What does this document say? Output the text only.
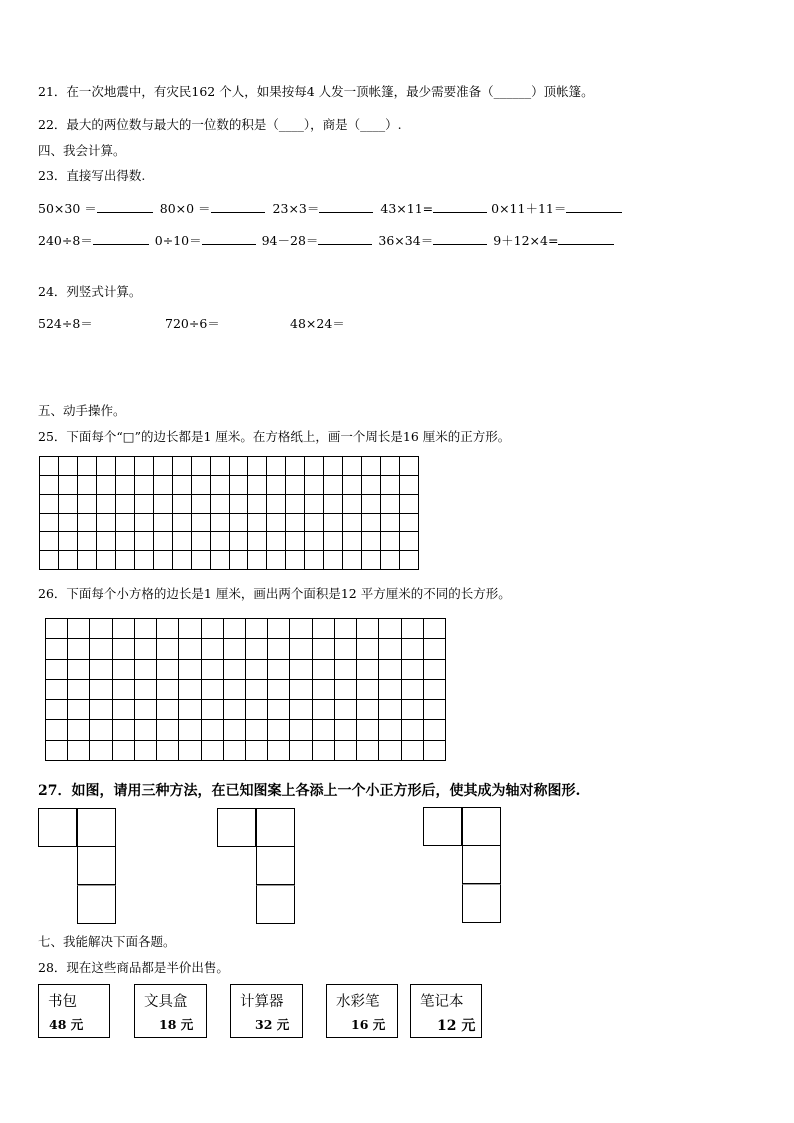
21．在一次地震中，有灾民162 个人，如果按每4 人发一顶帐篷，最少需要准备（______）顶帐篷。
22．最大的两位数与最大的一位数的积是（____），商是（____）.
四、我会计算。
23．直接写出得数.
50×30 ＝	80×0 ＝	23×3＝	43×11=	0×11＋11＝
240÷8＝	0÷10＝	94－28＝	36×34＝	9＋12×4=
24．列竖式计算。
524÷8＝	720÷6＝	48×24＝
五、动手操作。
25．下面每个“□”的边长都是1 厘米。在方格纸上，画一个周长是16 厘米的正方形。
26．下面每个小方格的边长是1 厘米，画出两个面积是12 平方厘米的不同的长方形。
27．如图，请用三种方法，在已知图案上各添上一个小正方形后，使其成为轴对称图形.
七、我能解决下面各题。
28．现在这些商品都是半价出售。
书包
48 元
文具盒
18 元
计算器
32 元
水彩笔
16 元
笔记本
12 元
